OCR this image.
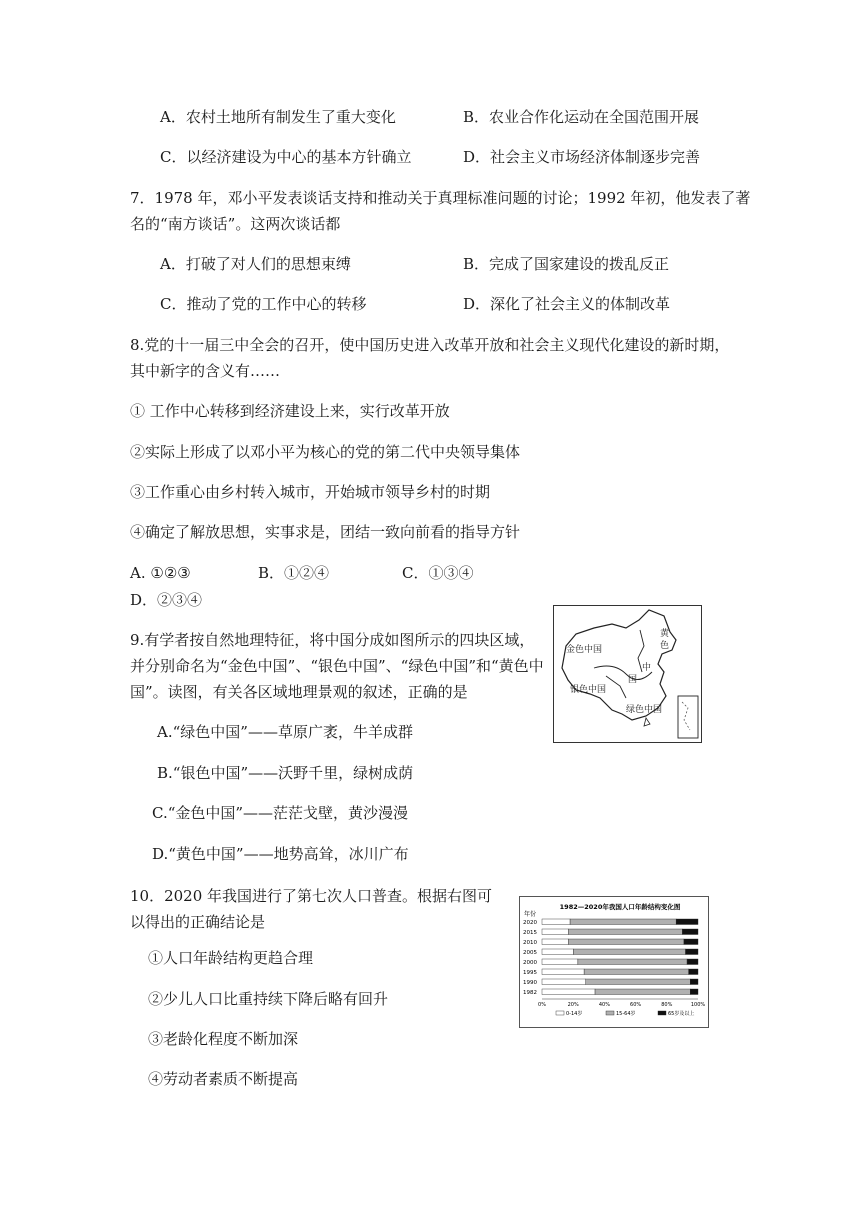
A．农村土地所有制发生了重大变化	B．农业合作化运动在全国范围开展
C．以经济建设为中心的基本方针确立	D．社会主义市场经济体制逐步完善
7．1978 年，邓小平发表谈话支持和推动关于真理标准问题的讨论；1992 年初，他发表了著
名的“南方谈话”。这两次谈话都
A．打破了对人们的思想束缚	B．完成了国家建设的拨乱反正
C．推动了党的工作中心的转移	D．深化了社会主义的体制改革
8.党的十一届三中全会的召开，使中国历史进入改革开放和社会主义现代化建设的新时期，
其中新字的含义有……
① 工作中心转移到经济建设上来，实行改革开放
②实际上形成了以邓小平为核心的党的第二代中央领导集体
③工作重心由乡村转入城市，开始城市领导乡村的时期
④确定了解放思想，实事求是，团结一致向前看的指导方针
A. ①②③	B．①②④	C．①③④
D．②③④
9.有学者按自然地理特征，将中国分成如图所示的四块区域，
并分别命名为“金色中国”、“银色中国”、“绿色中国”和“黄色中
国”。读图，有关各区域地理景观的叙述，正确的是
A.“绿色中国”——草原广袤，牛羊成群
B.“银色中国”——沃野千里，绿树成荫
C.“金色中国”——茫茫戈壁，黄沙漫漫
D.“黄色中国”——地势高耸，冰川广布
金色中国
银色中国
绿色中国
黄
色
中
国
10．2020 年我国进行了第七次人口普查。根据右图可
以得出的正确结论是
①人口年龄结构更趋合理
②少儿人口比重持续下降后略有回升
③老龄化程度不断加深
④劳动者素质不断提高
1982—2020年我国人口年龄结构变化图
年份
2020
2015
2010
2005
2000
1995
1990
1982
0%	20%	40%	60%	80%	100%
0-14岁	15-64岁	65岁及以上
